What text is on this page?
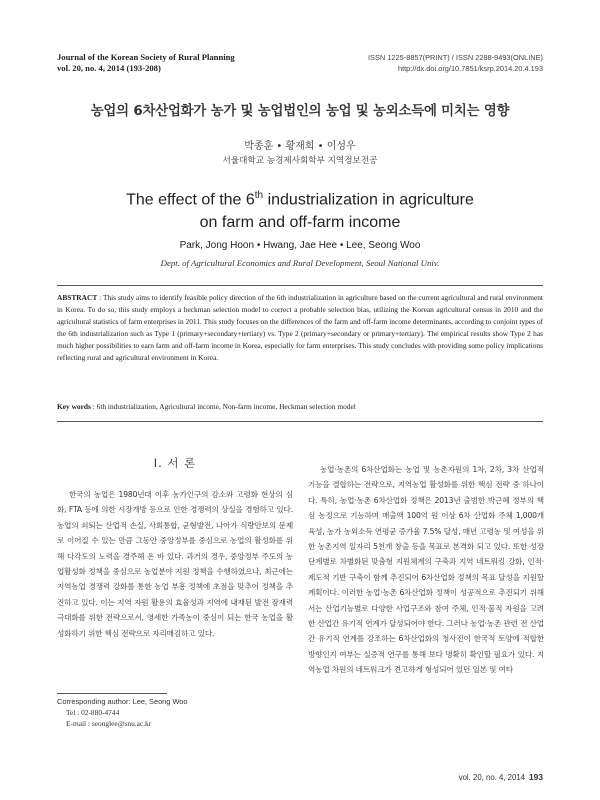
Journal of the Korean Society of Rural Planning
vol. 20, no. 4, 2014 (193-208)
ISSN 1225-8857(PRINT) / ISSN 2288-9493(ONLINE)
http://dx.doi.org/10.7851/ksrp.2014.20.4.193
농업의 6차산업화가 농가 및 농업법인의 농업 및 농외소득에 미치는 영향
박종훈 • 황재희 • 이성우
서울대학교 농경제사회학부 지역정보전공
The effect of the 6th industrialization in agriculture
on farm and off-farm income
Park, Jong Hoon • Hwang, Jae Hee • Lee, Seong Woo
Dept. of Agricultural Economics and Rural Development, Seoul National Univ.
ABSTRACT : This study aims to identify feasible policy direction of the 6th industrialization in agriculture based on the current agricultural and rural environment in Korea. To do so, this study employs a heckman selection model to correct a probable selection bias, utilizing the Korean agricultural census in 2010 and the agricultural statistics of farm enterprises in 2011. This study focuses on the differences of the farm and off-farm income determinants, according to conjoint types of the 6th industrialization such as Type 1 (primary+secondary+tertiary) vs. Type 2 (primary+secondary or primary+tertiary). The empirical results show Type 2 has much higher possibilities to earn farm and off-farm income in Korea, especially for farm enterprises. This study concludes with providing some policy implications reflecting rural and agricultural environment in Korea.
Key words : 6th industrialization, Agricultural income, Non-farm income, Heckman selection model
Ⅰ. 서 론

한국의 농업은 1980년대 이후 농가인구의 감소와 고령화 현상의 심화, FTA 등에 의한 시장개방 등으로 인한 경쟁력의 상실을 경험하고 있다. 농업의 쇠퇴는 산업적 손실, 사회통합, 균형발전, 나아가 식량안보의 문제로 이어질 수 있는 만큼 그동안 중앙정부를 중심으로 농업의 활성화를 위해 다각도의 노력을 경주해 온 바 있다. 과거의 경우, 중앙정부 주도의 농업활성화 정책을 중심으로 농업분야 지원 정책을 수행하였으나, 최근에는 지역농업 경쟁력 강화를 통한 농업 부흥 정책에 초점을 맞추어 정책을 추진하고 있다. 이는 지역 자원 활용의 효율성과 지역에 내재된 발전 잠재력 극대화를 위한 전략으로서, 영세한 가족농이 중심이 되는 한국 농업을 활성화하기 위한 핵심 전략으로 자리매김하고 있다.

농업·농촌의 6차산업화는 농업 및 농촌자원의 1차, 2차, 3차 산업적 기능을 결합하는 전략으로, 지역농업 활성화를 위한 핵심 전략 중 하나이다. 특히, 농업·농촌 6차산업화 정책은 2013년 출범한 박근혜 정부의 핵심 농정으로 기능하며 매출액 100억 원 이상 6차 산업화 주체 1,000개 육성, 농가 농외소득 연평균 증가율 7.5% 달성, 매년 고령농 및 여성을 위한 농촌지역 일자리 5천개 창출 등을 목표로 본격화 되고 있다. 또한 성장단계별로 차별화된 맞춤형 지원체계의 구축과 지역 네트워킹 강화, 인적·제도적 기반 구축이 함께 추진되어 6차산업화 정책의 목표 달성을 지원할 계획이다. 이러한 농업·농촌 6차산업화 정책이 성공적으로 추진되기 위해서는 산업기능별로 다양한 사업구조와 참여 주체, 인적·물적 자원을 고려한 산업간 유기적 연계가 달성되어야 한다. 그러나 농업·농촌 관련 전 산업간 유기적 연계를 강조하는 6차산업화의 청사진이 한국적 토양에 적합한 방향인지 여부는 실증적 연구를 통해 보다 명확히 확인할 필요가 있다. 지역농업 차원의 네트워크가 견고하게 형성되어 있던 일본 및 여타

Corresponding author: Lee, Seong Woo
Tel : 02-880-4744
E-mail : seonglee@snu.ac.kr
vol. 20, no. 4, 2014 193
